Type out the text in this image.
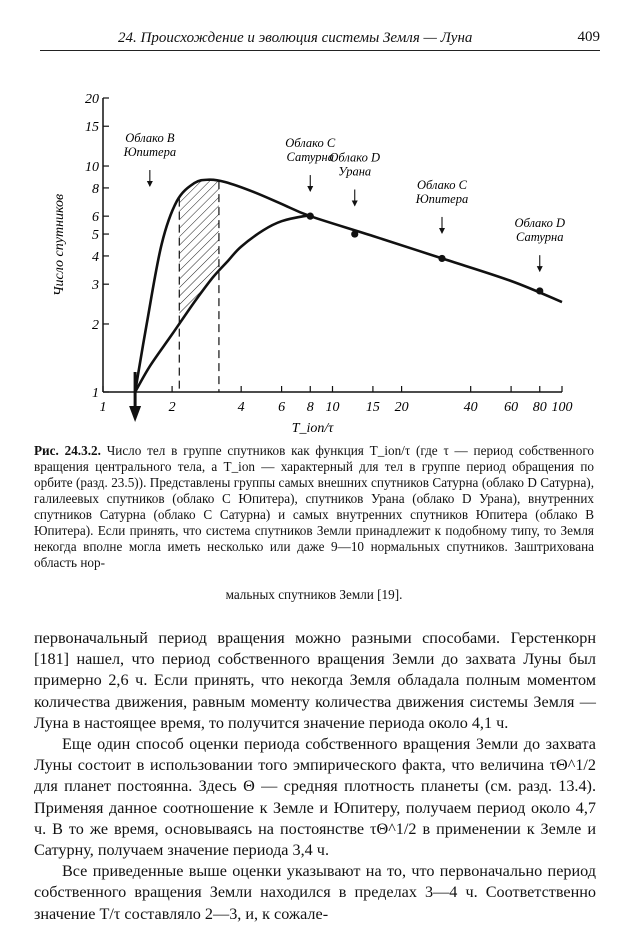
24. Происхождение и эволюция системы Земля — Луна	409
1
2
3
4
5
6
8
10
15
20
1	2	4 6 8 10 15 20	40 60 80 100
T_ion/τ
Число спутников
Облако В Юпитера
Облако С Сатурна
Облако D Урана
Облако С Юпитера
Облако D Сатурна
Рис. 24.3.2. Число тел в группе спутников как функция T_ion/τ (где τ — период собственного вращения центрального тела, а T_ion — характерный для тел в группе период обращения по орбите (разд. 23.5)). Представлены группы самых внешних спутников Сатурна (облако D Сатурна), галилеевых спутников (облако С Юпитера), спутников Урана (облако D Урана), внутренних спутников Сатурна (облако С Сатурна) и самых внутренних спутников Юпитера (облако В Юпитера). Если принять, что система спутников Земли принадлежит к подобному типу, то Земля некогда вполне могла иметь несколько или даже 9—10 нормальных спутников. Заштрихована область нор-
мальных спутников Земли [19].

первоначальный период вращения можно разными способами. Герстенкорн [181] нашел, что период собственного вращения Земли до захвата Луны был примерно 2,6 ч. Если принять, что некогда Земля обладала полным моментом количества движения, равным моменту количества движения системы Земля — Луна в настоящее время, то получится значение периода около 4,1 ч.

Еще один способ оценки периода собственного вращения Земли до захвата Луны состоит в использовании того эмпирического факта, что величина τΘ^1/2 для планет постоянна. Здесь Θ — средняя плотность планеты (см. разд. 13.4). Применяя данное соотношение к Земле и Юпитеру, получаем период около 4,7 ч. В то же время, основываясь на постоянстве τΘ^1/2 в применении к Земле и Сатурну, получаем значение периода 3,4 ч.

Все приведенные выше оценки указывают на то, что первоначально период собственного вращения Земли находился в пределах 3—4 ч. Соответственно значение T/τ составляло 2—3, и, к сожале-
